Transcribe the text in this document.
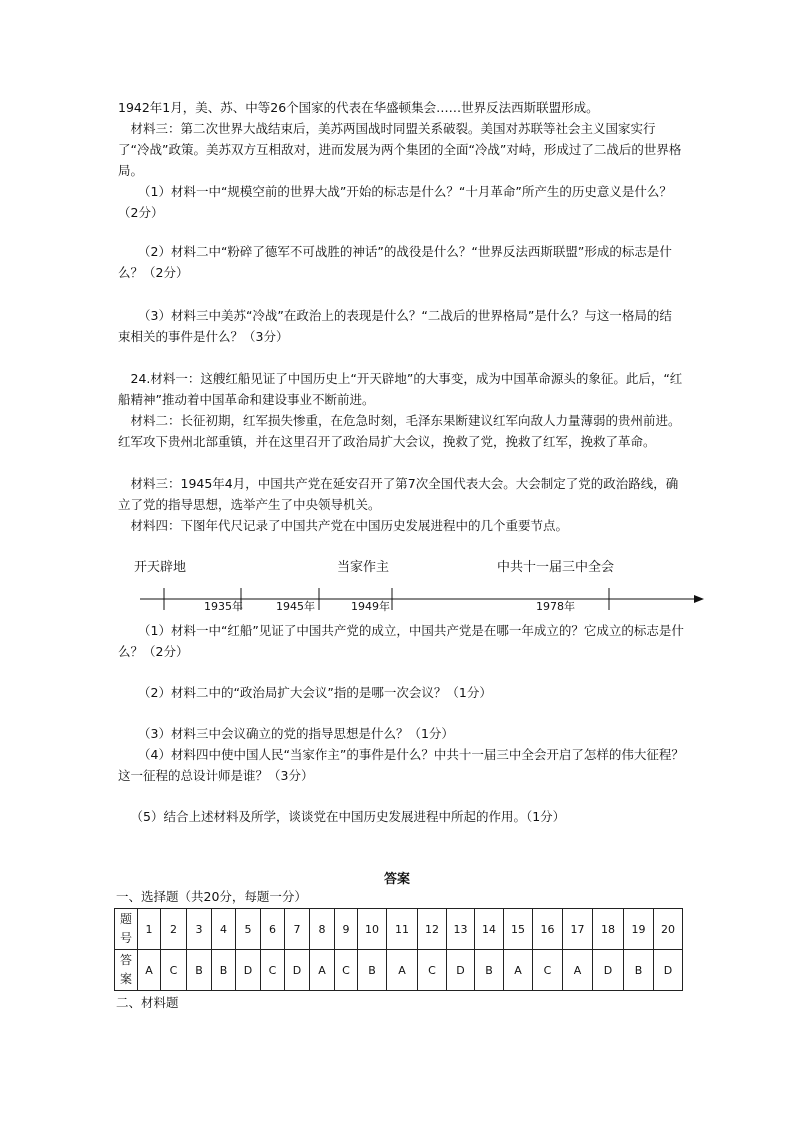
1942年1月，美、苏、中等26个国家的代表在华盛顿集会……世界反法西斯联盟形成。

材料三：第二次世界大战结束后，美苏两国战时同盟关系破裂。美国对苏联等社会主义国家实行了“冷战”政策。美苏双方互相敌对，进而发展为两个集团的全面“冷战”对峙，形成过了二战后的世界格局。

（1）材料一中“规模空前的世界大战”开始的标志是什么？“十月革命”所产生的历史意义是什么？（2分）

（2）材料二中“粉碎了德军不可战胜的神话”的战役是什么？“世界反法西斯联盟”形成的标志是什么？（2分）

（3）材料三中美苏“冷战”在政治上的表现是什么？“二战后的世界格局”是什么？与这一格局的结束相关的事件是什么？（3分）

24.材料一：这艘红船见证了中国历史上“开天辟地”的大事变，成为中国革命源头的象征。此后，“红船精神”推动着中国革命和建设事业不断前进。

材料二：长征初期，红军损失惨重，在危急时刻，毛泽东果断建议红军向敌人力量薄弱的贵州前进。红军攻下贵州北部重镇，并在这里召开了政治局扩大会议，挽救了党，挽救了红军，挽救了革命。

材料三：1945年4月，中国共产党在延安召开了第7次全国代表大会。大会制定了党的政治路线，确立了党的指导思想，选举产生了中央领导机关。

材料四：下图年代尺记录了中国共产党在中国历史发展进程中的几个重要节点。

开天辟地	当家作主	中共十一届三中全会
1935年	1945年	1949年	1978年

（1）材料一中“红船”见证了中国共产党的成立，中国共产党是在哪一年成立的？它成立的标志是什么？（2分）

（2）材料二中的“政治局扩大会议”指的是哪一次会议？（1分）

（3）材料三中会议确立的党的指导思想是什么？（1分）

（4）材料四中使中国人民“当家作主”的事件是什么？中共十一届三中全会开启了怎样的伟大征程？这一征程的总设计师是谁？（3分）

（5）结合上述材料及所学，谈谈党在中国历史发展进程中所起的作用。（1分）

答案

一、选择题（共20分，每题一分）

题号	1	2	3	4	5	6	7	8	9	10	11	12	13	14	15	16	17	18	19	20
答案	A	C	B	B	D	C	D	A	C	B	A	C	D	B	A	C	A	D	B	D

二、材料题
